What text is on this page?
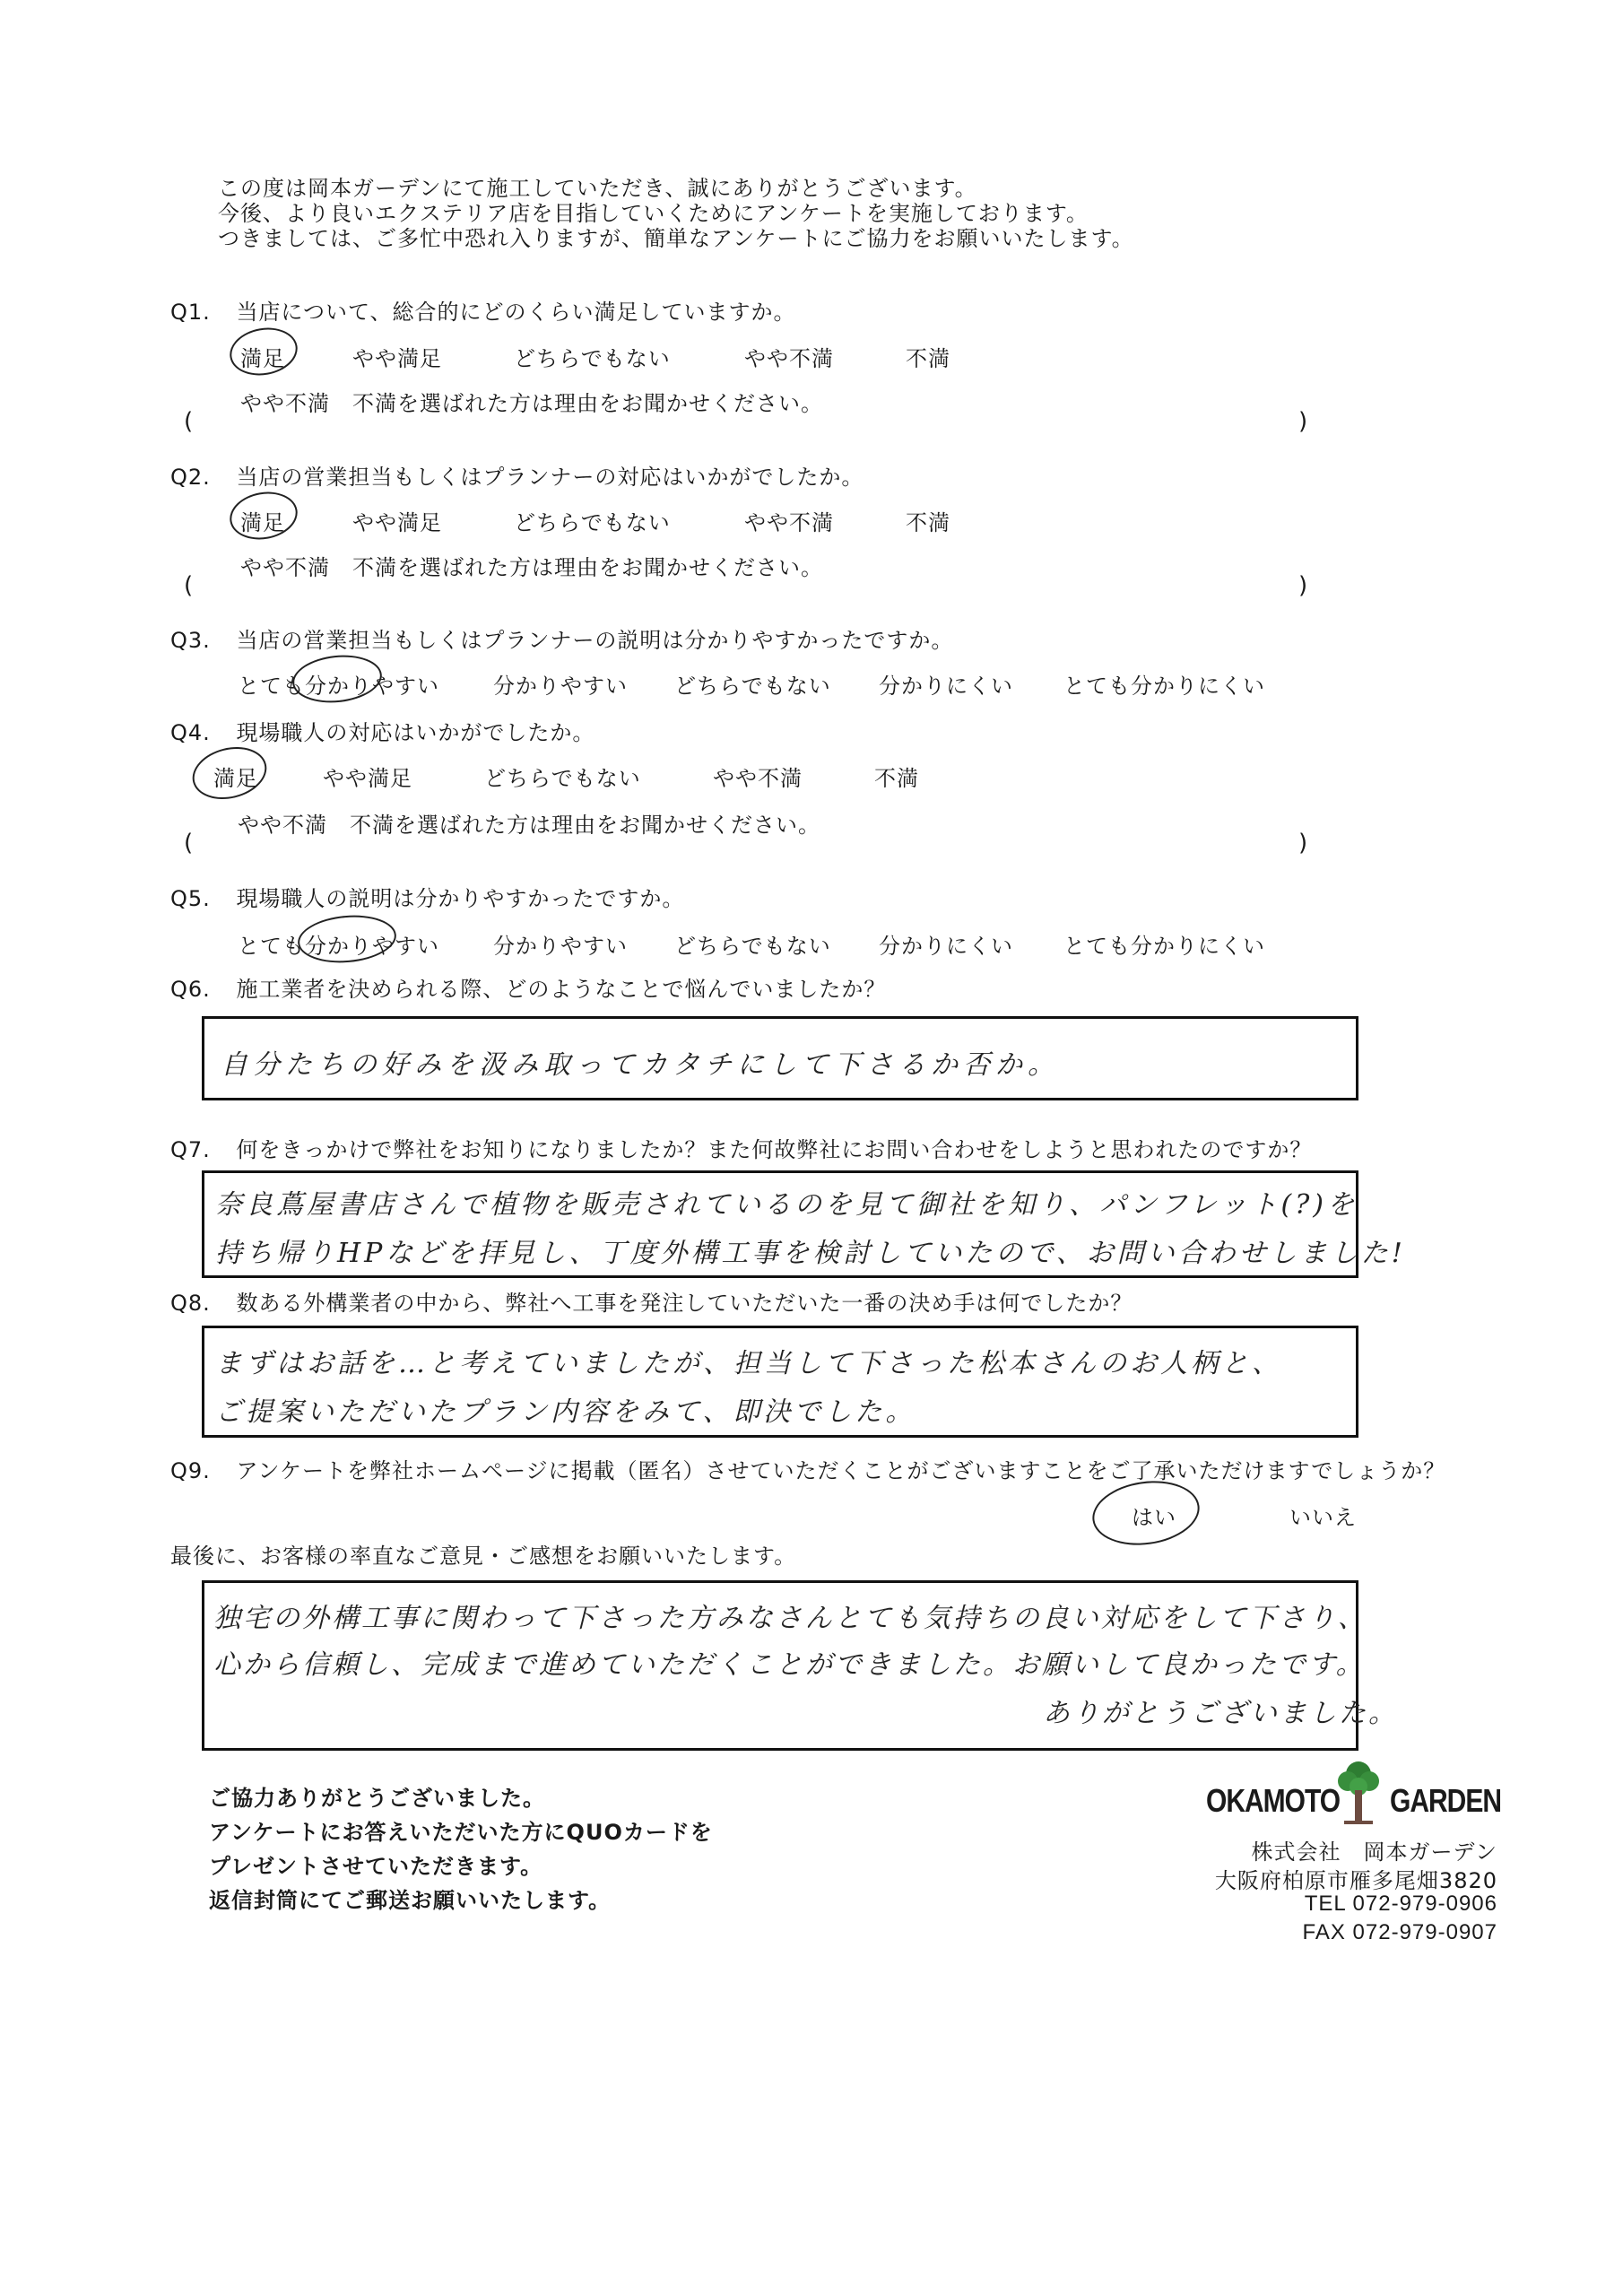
この度は岡本ガーデンにて施工していただき、誠にありがとうございます。
今後、より良いエクステリア店を目指していくためにアンケートを実施しております。
つきましては、ご多忙中恐れ入りますが、簡単なアンケートにご協力をお願いいたします。
Q1. 当店について、総合的にどのくらい満足していますか。
満足	やや満足	どちらでもない	やや不満	不満
やや不満　不満を選ばれた方は理由をお聞かせください。
(	)
Q2. 当店の営業担当もしくはプランナーの対応はいかがでしたか。
満足	やや満足	どちらでもない	やや不満	不満
やや不満　不満を選ばれた方は理由をお聞かせください。
(	)
Q3. 当店の営業担当もしくはプランナーの説明は分かりやすかったですか。
とても分かりやすい	分かりやすい どちらでもない 分かりにくい とても分かりにくい
Q4. 現場職人の対応はいかがでしたか。
満足	やや満足	どちらでもない	やや不満	不満
やや不満　不満を選ばれた方は理由をお聞かせください。
(	)
Q5. 現場職人の説明は分かりやすかったですか。
とても分かりやすい	分かりやすい どちらでもない 分かりにくい とても分かりにくい
Q6. 施工業者を決められる際、どのようなことで悩んでいましたか？
自分たちの好みを汲み取ってカタチにして下さるか否か。
Q7. 何をきっかけで弊社をお知りになりましたか？また何故弊社にお問い合わせをしようと思われたのですか？
奈良蔦屋書店さんで植物を販売されているのを見て御社を知り、パンフレット(?)を
持ち帰りHPなどを拝見し、丁度外構工事を検討していたので、お問い合わせしました!
Q8. 数ある外構業者の中から、弊社へ工事を発注していただいた一番の決め手は何でしたか？
まずはお話を…と考えていましたが、担当して下さった松本さんのお人柄と、
ご提案いただいたプラン内容をみて、即決でした。
Q9. アンケートを弊社ホームページに掲載（匿名）させていただくことがございますことをご了承いただけますでしょうか？
はい	いいえ
最後に、お客様の率直なご意見・ご感想をお願いいたします。
独宅の外構工事に関わって下さった方みなさんとても気持ちの良い対応をして下さり、
心から信頼し、完成まで進めていただくことができました。お願いして良かったです。
ありがとうございました。
ご協力ありがとうございました。
アンケートにお答えいただいた方にQUOカードを
プレゼントさせていただきます。
返信封筒にてご郵送お願いいたします。
OKAMOTO GARDEN
株式会社　岡本ガーデン
大阪府柏原市雁多尾畑3820
TEL 072-979-0906
FAX 072-979-0907
